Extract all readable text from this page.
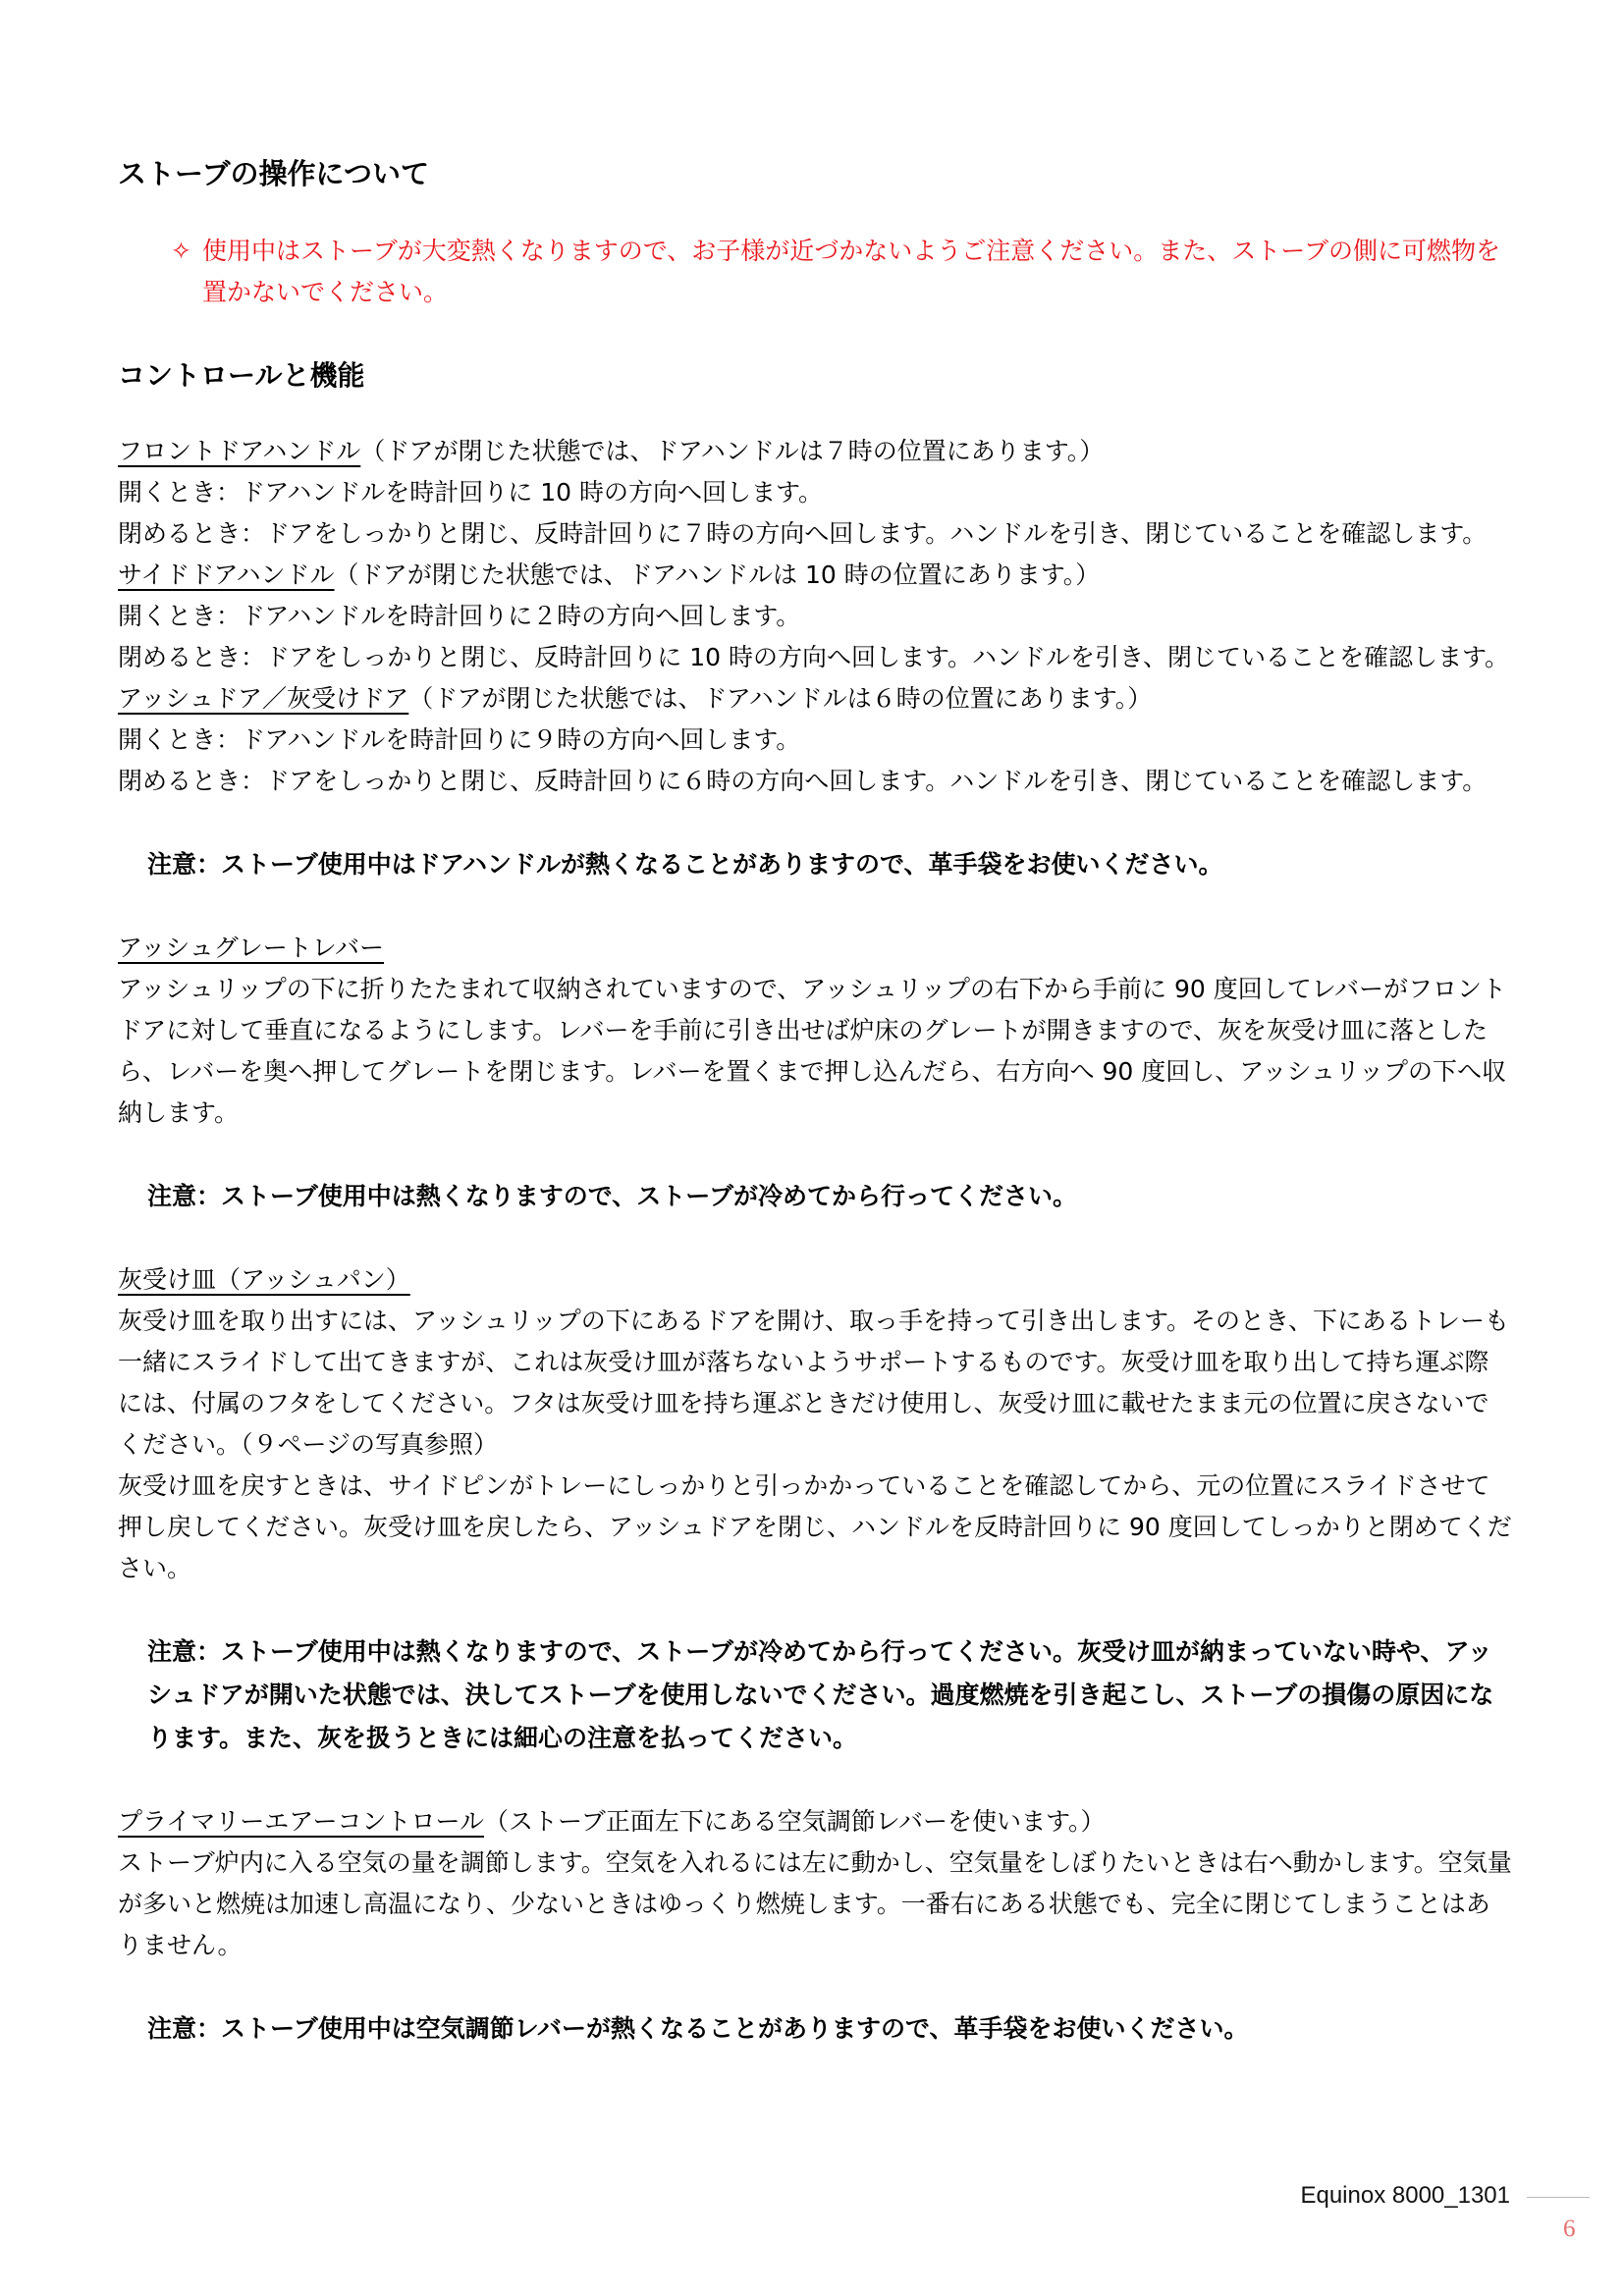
ストーブの操作について
✧ 使用中はストーブが大変熱くなりますので、お子様が近づかないようご注意ください。また、ストーブの側に可燃物を置かないでください。
コントロールと機能

フロントドアハンドル（ドアが閉じた状態では、ドアハンドルは７時の位置にあります。）

開くとき：ドアハンドルを時計回りに 10 時の方向へ回します。

閉めるとき：ドアをしっかりと閉じ、反時計回りに７時の方向へ回します。ハンドルを引き、閉じていることを確認します。

サイドドアハンドル（ドアが閉じた状態では、ドアハンドルは 10 時の位置にあります。）

開くとき：ドアハンドルを時計回りに２時の方向へ回します。

閉めるとき：ドアをしっかりと閉じ、反時計回りに 10 時の方向へ回します。ハンドルを引き、閉じていることを確認します。

アッシュドア／灰受けドア（ドアが閉じた状態では、ドアハンドルは６時の位置にあります。）

開くとき：ドアハンドルを時計回りに９時の方向へ回します。

閉めるとき：ドアをしっかりと閉じ、反時計回りに６時の方向へ回します。ハンドルを引き、閉じていることを確認します。

注意：ストーブ使用中はドアハンドルが熱くなることがありますので、革手袋をお使いください。

アッシュグレートレバー

アッシュリップの下に折りたたまれて収納されていますので、アッシュリップの右下から手前に 90 度回してレバーがフロントドアに対して垂直になるようにします。レバーを手前に引き出せば炉床のグレートが開きますので、灰を灰受け皿に落としたら、レバーを奥へ押してグレートを閉じます。レバーを置くまで押し込んだら、右方向へ 90 度回し、アッシュリップの下へ収納します。

注意：ストーブ使用中は熱くなりますので、ストーブが冷めてから行ってください。

灰受け皿（アッシュパン）

灰受け皿を取り出すには、アッシュリップの下にあるドアを開け、取っ手を持って引き出します。そのとき、下にあるトレーも一緒にスライドして出てきますが、これは灰受け皿が落ちないようサポートするものです。灰受け皿を取り出して持ち運ぶ際には、付属のフタをしてください。フタは灰受け皿を持ち運ぶときだけ使用し、灰受け皿に載せたまま元の位置に戻さないでください。（９ページの写真参照）

灰受け皿を戻すときは、サイドピンがトレーにしっかりと引っかかっていることを確認してから、元の位置にスライドさせて押し戻してください。灰受け皿を戻したら、アッシュドアを閉じ、ハンドルを反時計回りに 90 度回してしっかりと閉めてください。

注意：ストーブ使用中は熱くなりますので、ストーブが冷めてから行ってください。灰受け皿が納まっていない時や、アッシュドアが開いた状態では、決してストーブを使用しないでください。過度燃焼を引き起こし、ストーブの損傷の原因になります。また、灰を扱うときには細心の注意を払ってください。

プライマリーエアーコントロール（ストーブ正面左下にある空気調節レバーを使います。）

ストーブ炉内に入る空気の量を調節します。空気を入れるには左に動かし、空気量をしぼりたいときは右へ動かします。空気量が多いと燃焼は加速し高温になり、少ないときはゆっくり燃焼します。一番右にある状態でも、完全に閉じてしまうことはありません。

注意：ストーブ使用中は空気調節レバーが熱くなることがありますので、革手袋をお使いください。

Equinox 8000_1301
6
